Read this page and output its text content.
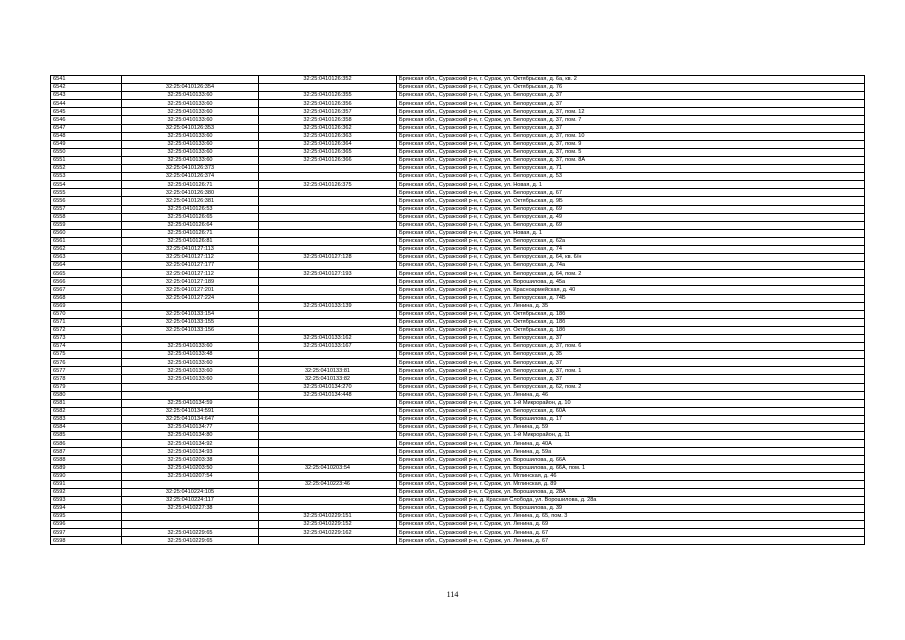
6541		32:25:0410126:352	Брянская обл., Суражский р-н, г. Сураж, ул. Октябрьская, д. 6а, кв. 2
6542	32:25:0410126:354		Брянская обл., Суражский р-н, г. Сураж, ул. Октябрьская, д. 76
6543	32:25:0410133:60	32:25:0410126:355	Брянская обл., Суражский р-н, г. Сураж, ул. Белорусская, д. 37
6544	32:25:0410133:60	32:25:0410126:356	Брянская обл., Суражский р-н, г. Сураж, ул. Белорусская, д. 37
6545	32:25:0410133:60	32:25:0410126:357	Брянская обл., Суражский р-н, г. Сураж, ул. Белорусская, д. 37, пом. 12
6546	32:25:0410133:60	32:25:0410126:358	Брянская обл., Суражский р-н, г. Сураж, ул. Белорусская, д. 37, пом. 7
6547	32:25:0410126:353	32:25:0410126:362	Брянская обл., Суражский р-н, г. Сураж, ул. Белорусская, д. 37
6548	32:25:0410133:60	32:25:0410126:363	Брянская обл., Суражский р-н, г. Сураж, ул. Белорусская, д. 37, пом. 10
6549	32:25:0410133:60	32:25:0410126:364	Брянская обл., Суражский р-н, г. Сураж, ул. Белорусская, д. 37, пом. 9
6550	32:25:0410133:60	32:25:0410126:365	Брянская обл., Суражский р-н, г. Сураж, ул. Белорусская, д. 37, пом. 5
6551	32:25:0410133:60	32:25:0410126:366	Брянская обл., Суражский р-н, г. Сураж, ул. Белорусская, д. 37, пом. 8А
6552	32:25:0410126:373		Брянская обл., Суражский р-н, г. Сураж, ул. Белорусская, д. 71
6553	32:25:0410126:374		Брянская обл., Суражский р-н, г. Сураж, ул. Белорусская, д. 53
6554	32:25:0410126:71	32:25:0410126:375	Брянская обл., Суражский р-н, г. Сураж, ул. Новая, д. 1
6555	32:25:0410126:380		Брянская обл., Суражский р-н, г. Сураж, ул. Белорусская, д. 67
6556	32:25:0410126:381		Брянская обл., Суражский р-н, г. Сураж, ул. Октябрьская, д. 9Б
6557	32:25:0410126:53		Брянская обл., Суражский р-н, г. Сураж, ул. Белорусская, д. 69
6558	32:25:0410126:65		Брянская обл., Суражский р-н, г. Сураж, ул. Белорусская, д. 49
6559	32:25:0410126:64		Брянская обл., Суражский р-н, г. Сураж, ул. Белорусская, д. 69
6560	32:25:0410126:71		Брянская обл., Суражский р-н, г. Сураж, ул. Новая, д. 1
6561	32:25:0410126:81		Брянская обл., Суражский р-н, г. Сураж, ул. Белорусская, д. 62а
6562	32:25:0410127:113		Брянская обл., Суражский р-н, г. Сураж, ул. Белорусская, д. 74
6563	32:25:0410127:112	32:25:0410127:128	Брянская обл., Суражский р-н, г. Сураж, ул. Белорусская, д. 64, кв. 6/н
6564	32:25:0410127:177		Брянская обл., Суражский р-н, г. Сураж, ул. Белорусская, д. 74а
6565	32:25:0410127:112	32:25:0410127:193	Брянская обл., Суражский р-н, г. Сураж, ул. Белорусская, д. 64, пом. 2
6566	32:25:0410127:189		Брянская обл., Суражский р-н, г. Сураж, ул. Ворошилова, д. 45а
6567	32:25:0410127:201		Брянская обл., Суражский р-н, г. Сураж, ул. Красноармейская, д. 40
6568	32:25:0410127:224		Брянская обл., Суражский р-н, г. Сураж, ул. Белорусская, д. 74Б
6569		32:25:0410133:139	Брянская обл., Суражский р-н, г. Сураж, ул. Ленина, д. 35
6570	32:25:0410133:154		Брянская обл., Суражский р-н, г. Сураж, ул. Октябрьская, д. 18б
6571	32:25:0410133:155		Брянская обл., Суражский р-н, г. Сураж, ул. Октябрьская, д. 18б
6572	32:25:0410133:156		Брянская обл., Суражский р-н, г. Сураж, ул. Октябрьская, д. 18б
6573		32:25:0410133:162	Брянская обл., Суражский р-н, г. Сураж, ул. Белорусская, д. 37
6574	32:25:0410133:60	32:25:0410133:167	Брянская обл., Суражский р-н, г. Сураж, ул. Белорусская, д. 37, пом. 6
6575	32:25:0410133:48		Брянская обл., Суражский р-н, г. Сураж, ул. Белорусская, д. 35
6576	32:25:0410133:60		Брянская обл., Суражский р-н, г. Сураж, ул. Белорусская, д. 37
6577	32:25:0410133:60	32:25:0410133:81	Брянская обл., Суражский р-н, г. Сураж, ул. Белорусская, д. 37, пом. 1
6578	32:25:0410133:60	32:25:0410133:82	Брянская обл., Суражский р-н, г. Сураж, ул. Белорусская, д. 37
6579		32:25:0410134:270	Брянская обл., Суражский р-н, г. Сураж, ул. Белорусская, д. 62, пом. 2
6580		32:25:0410134:448	Брянская обл., Суражский р-н, г. Сураж, ул. Ленина, д. 46
6581	32:25:0410134:59		Брянская обл., Суражский р-н, г. Сураж, ул. 1-й Микрорайон, д. 10
6582	32:25:0410134:591		Брянская обл., Суражский р-н, г. Сураж, ул. Белорусская, д. 60А
6583	32:25:0410134:647		Брянская обл., Суражский р-н, г. Сураж, ул. Ворошилова, д. 17
6584	32:25:0410134:77		Брянская обл., Суражский р-н, г. Сураж, ул. Ленина, д. 59
6585	32:25:0410134:80		Брянская обл., Суражский р-н, г. Сураж, ул. 1-й Микрорайон, д. 11
6586	32:25:0410134:92		Брянская обл., Суражский р-н, г. Сураж, ул. Ленина, д. 40А
6587	32:25:0410134:93		Брянская обл., Суражский р-н, г. Сураж, ул. Ленина, д. 59а
6588	32:25:0410203:38		Брянская обл., Суражский р-н, г. Сураж, ул. Ворошилова, д. 66А
6589	32:25:0410203:50	32:25:0410203:54	Брянская обл., Суражский р-н, г. Сураж, ул. Ворошилова, д. 66А, пом. 1
6590	32:25:0410207:54		Брянская обл., Суражский р-н, г. Сураж, ул. Мглинская, д. 46
6591		32:25:0410223:46	Брянская обл., Суражский р-н, г. Сураж, ул. Мглинская, д. 89
6592	32:25:0410224:105		Брянская обл., Суражский р-н, г. Сураж, ул. Ворошилова, д. 28А
6593	32:25:0410224:117		Брянская обл., Суражский р-н, д. Красная Слобода, ул. Ворошилова, д. 28а
6594	32:25:0410227:38		Брянская обл., Суражский р-н, г. Сураж, ул. Ворошилова, д. 39
6595		32:25:0410229:151	Брянская обл., Суражский р-н, г. Сураж, ул. Ленина, д. 65, пом. 3
6596		32:25:0410229:152	Брянская обл., Суражский р-н, г. Сураж, ул. Ленина, д. 69
6597	32:25:0410229:65	32:25:0410229:162	Брянская обл., Суражский р-н, г. Сураж, ул. Ленина, д. 67
6598	32:25:0410229:65		Брянская обл., Суражский р-н, г. Сураж, ул. Ленина, д. 67
114
